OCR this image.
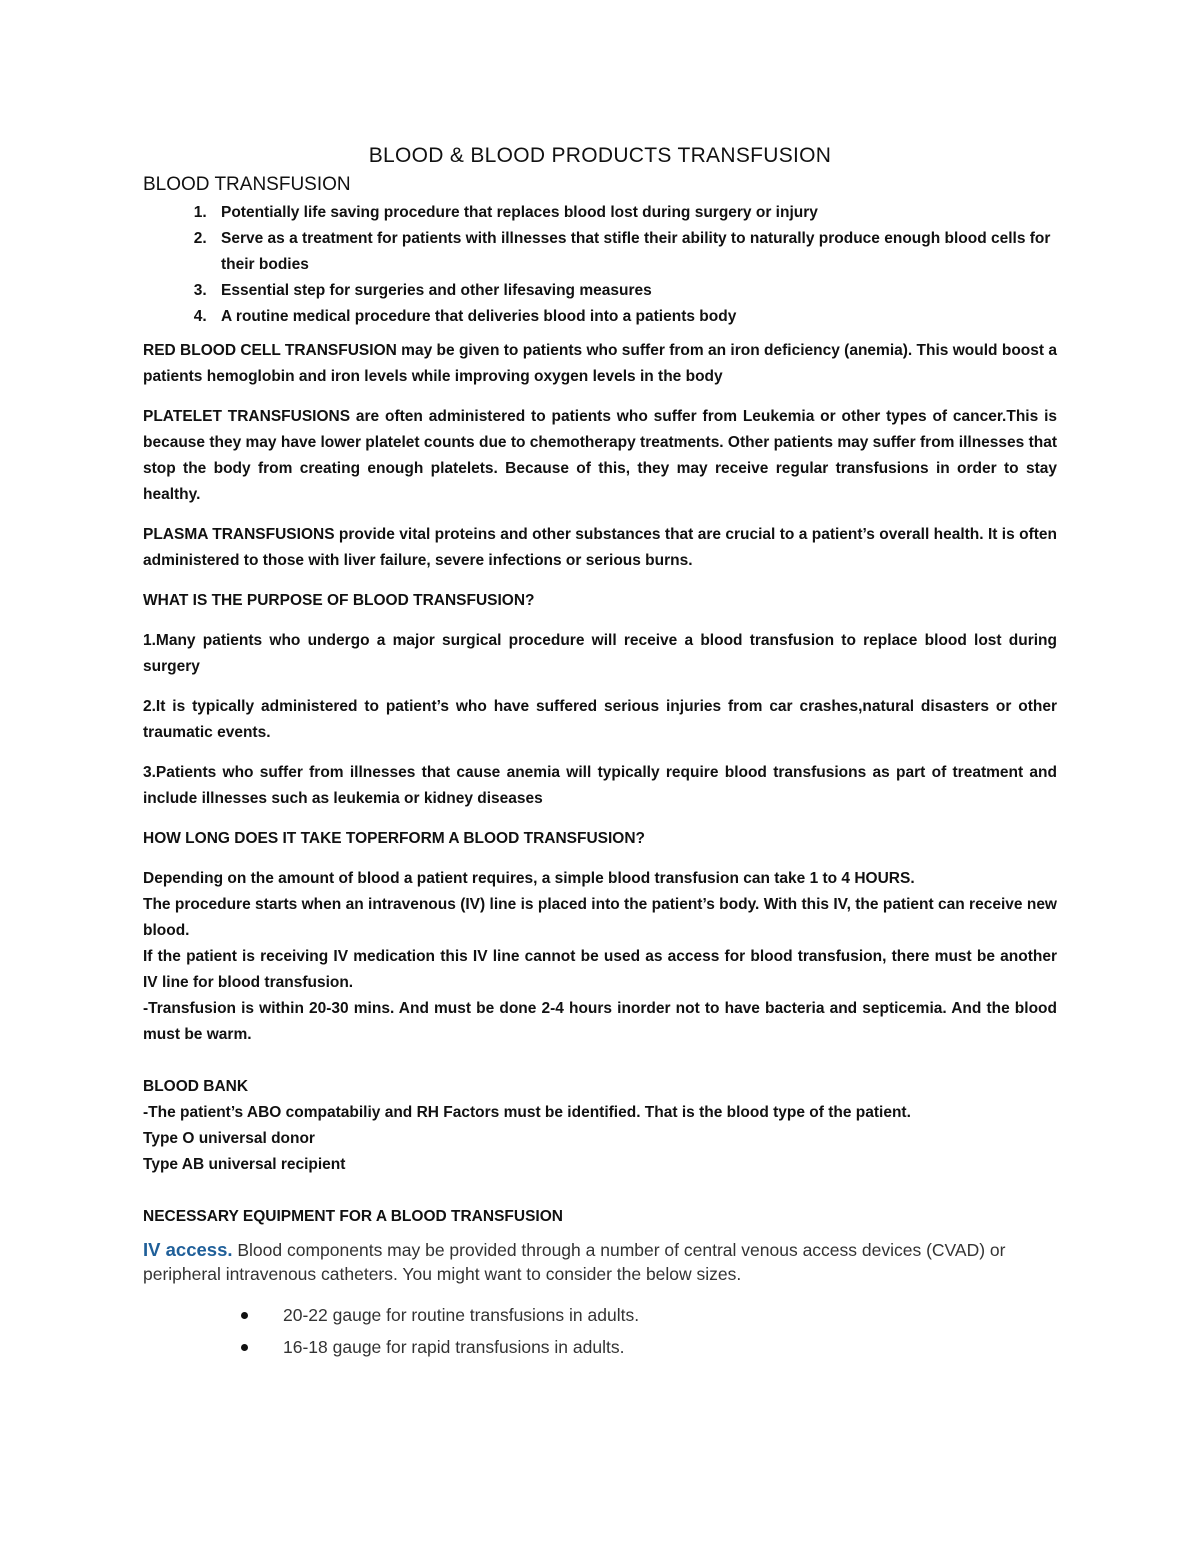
BLOOD & BLOOD PRODUCTS TRANSFUSION
BLOOD TRANSFUSION
1. Potentially life saving procedure that replaces blood lost during surgery or injury
2. Serve as a treatment for patients with illnesses that stifle their ability to naturally produce enough blood cells for their bodies
3. Essential step for surgeries and other lifesaving measures
4. A routine medical procedure that deliveries blood into a patients body

RED BLOOD CELL TRANSFUSION may be given to patients who suffer from an iron deficiency (anemia). This would boost a patients hemoglobin and iron levels while improving oxygen levels in the body

PLATELET TRANSFUSIONS are often administered to patients who suffer from Leukemia or other types of cancer.This is because they may have lower platelet counts due to chemotherapy treatments. Other patients may suffer from illnesses that stop the body from creating enough platelets. Because of this, they may receive regular transfusions in order to stay healthy.

PLASMA TRANSFUSIONS provide vital proteins and other substances that are crucial to a patient’s overall health. It is often administered to those with liver failure, severe infections or serious burns.

WHAT IS THE PURPOSE OF BLOOD TRANSFUSION?

1.Many patients who undergo a major surgical procedure will receive a blood transfusion to replace blood lost during surgery

2.It is typically administered to patient’s who have suffered serious injuries from car crashes,natural disasters or other traumatic events.

3.Patients who suffer from illnesses that cause anemia will typically require blood transfusions as part of treatment and include illnesses such as leukemia or kidney diseases

HOW LONG DOES IT TAKE TOPERFORM A BLOOD TRANSFUSION?

Depending on the amount of blood a patient requires, a simple blood transfusion can take 1 to 4 HOURS.

The procedure starts when an intravenous (IV) line is placed into the patient’s body. With this IV, the patient can receive new blood.

If the patient is receiving IV medication this IV line cannot be used as access for blood transfusion, there must be another IV line for blood transfusion.

-Transfusion is within 20-30 mins. And must be done 2-4 hours inorder not to have bacteria and septicemia. And the blood must be warm.

BLOOD BANK

-The patient’s ABO compatabiliy and RH Factors must be identified. That is the blood type of the patient.

Type O universal donor

Type AB universal recipient

NECESSARY EQUIPMENT FOR A BLOOD TRANSFUSION

IV access. Blood components may be provided through a number of central venous access devices (CVAD) or peripheral intravenous catheters. You might want to consider the below sizes.

20-22 gauge for routine transfusions in adults.
16-18 gauge for rapid transfusions in adults.
